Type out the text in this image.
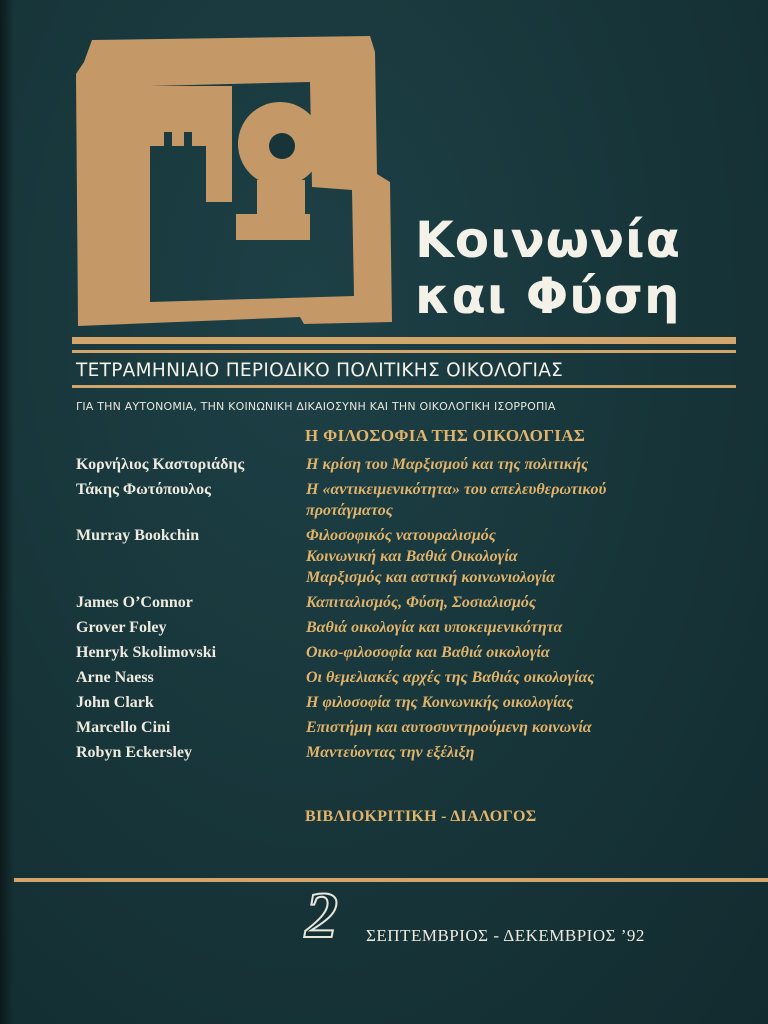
Κοινωνία
και Φύση
ΤΕΤΡΑΜΗΝΙΑΙΟ ΠΕΡΙΟΔΙΚΟ ΠΟΛΙΤΙΚΗΣ ΟΙΚΟΛΟΓΙΑΣ
ΓΙΑ ΤΗΝ ΑΥΤΟΝΟΜΙΑ, ΤΗΝ ΚΟΙΝΩΝΙΚΗ ΔΙΚΑΙΟΣΥΝΗ ΚΑΙ ΤΗΝ ΟΙΚΟΛΟΓΙΚΗ ΙΣΟΡΡΟΠΙΑ
Η ΦΙΛΟΣΟΦΙΑ ΤΗΣ ΟΙΚΟΛΟΓΙΑΣ
Κορνήλιος Καστοριάδης	Η κρίση του Μαρξισμού και της πολιτικής
Τάκης Φωτόπουλος	Η «αντικειμενικότητα» του απελευθερωτικού
προτάγματος
Murray Bookchin	Φιλοσοφικός νατουραλισμός
Κοινωνική και Βαθιά Οικολογία
Μαρξισμός και αστική κοινωνιολογία
James O’Connor	Καπιταλισμός, Φύση, Σοσιαλισμός
Grover Foley	Βαθιά οικολογία και υποκειμενικότητα
Henryk Skolimovski	Οικο-φιλοσοφία και Βαθιά οικολογία
Arne Naess	Οι θεμελιακές αρχές της Βαθιάς οικολογίας
John Clark	Η φιλοσοφία της Κοινωνικής οικολογίας
Marcello Cini	Επιστήμη και αυτοσυντηρούμενη κοινωνία
Robyn Eckersley	Μαντεύοντας την εξέλιξη
ΒΙΒΛΙΟΚΡΙΤΙΚΗ - ΔΙΑΛΟΓΟΣ
2 ΣΕΠΤΕΜΒΡΙΟΣ - ΔΕΚΕΜΒΡΙΟΣ ’92
